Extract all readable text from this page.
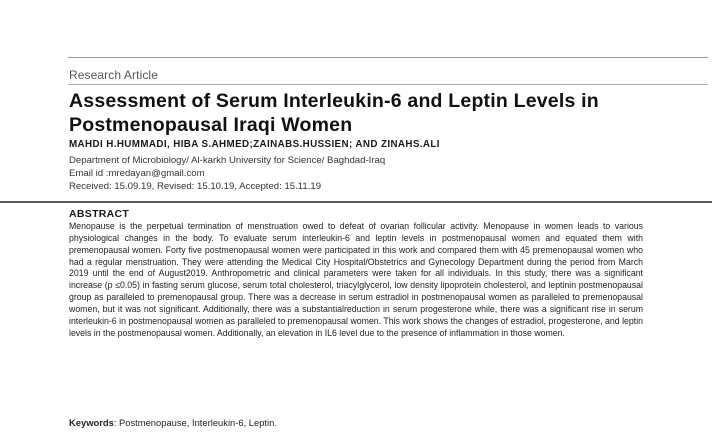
Research Article
Assessment of Serum Interleukin-6 and Leptin Levels in Postmenopausal Iraqi Women
MAHDI H.HUMMADI, HIBA S.AHMED;ZAINABS.HUSSIEN; AND ZINAHS.ALI
Department of Microbiology/ Al-karkh University for Science/ Baghdad-Iraq
Email id :mredayan@gmail.com
Received: 15.09.19, Revised: 15.10.19, Accepted: 15.11.19
ABSTRACT

Menopause is the perpetual termination of menstruation owed to defeat of ovarian follicular activity. Menopause in women leads to various physiological changes in the body. To evaluate serum interleukin-6 and leptin levels in postmenopausal women and equated them with premenopausal women. Forty five postmenopausal women were participated in this work and compared them with 45 premenopausal women who had a regular menstruation. They were attending the Medical City Hospital/Obstetrics and Gynecology Department during the period from March 2019 until the end of August2019. Anthropometric and clinical parameters were taken for all individuals. In this study, there was a significant increase (p ≤0.05) in fasting serum glucose, serum total cholesterol, triacylglycerol, low density lipoprotein cholesterol, and leptinin postmenopausal group as paralleled to premenopausal group. There was a decrease in serum estradiol in postmenopausal women as paralleled to premenopausal women, but it was not significant. Additionally, there was a substantialreduction in serum progesterone while, there was a significant rise in serum interleukin-6 in postmenopausal women as paralleled to premenopausal women. This work shows the changes of estradiol, progesterone, and leptin levels in the postmenopausal women. Additionally, an elevation in IL6 level due to the presence of inflammation in those women.

Keywords: Postmenopause, Interleukin-6, Leptin.
